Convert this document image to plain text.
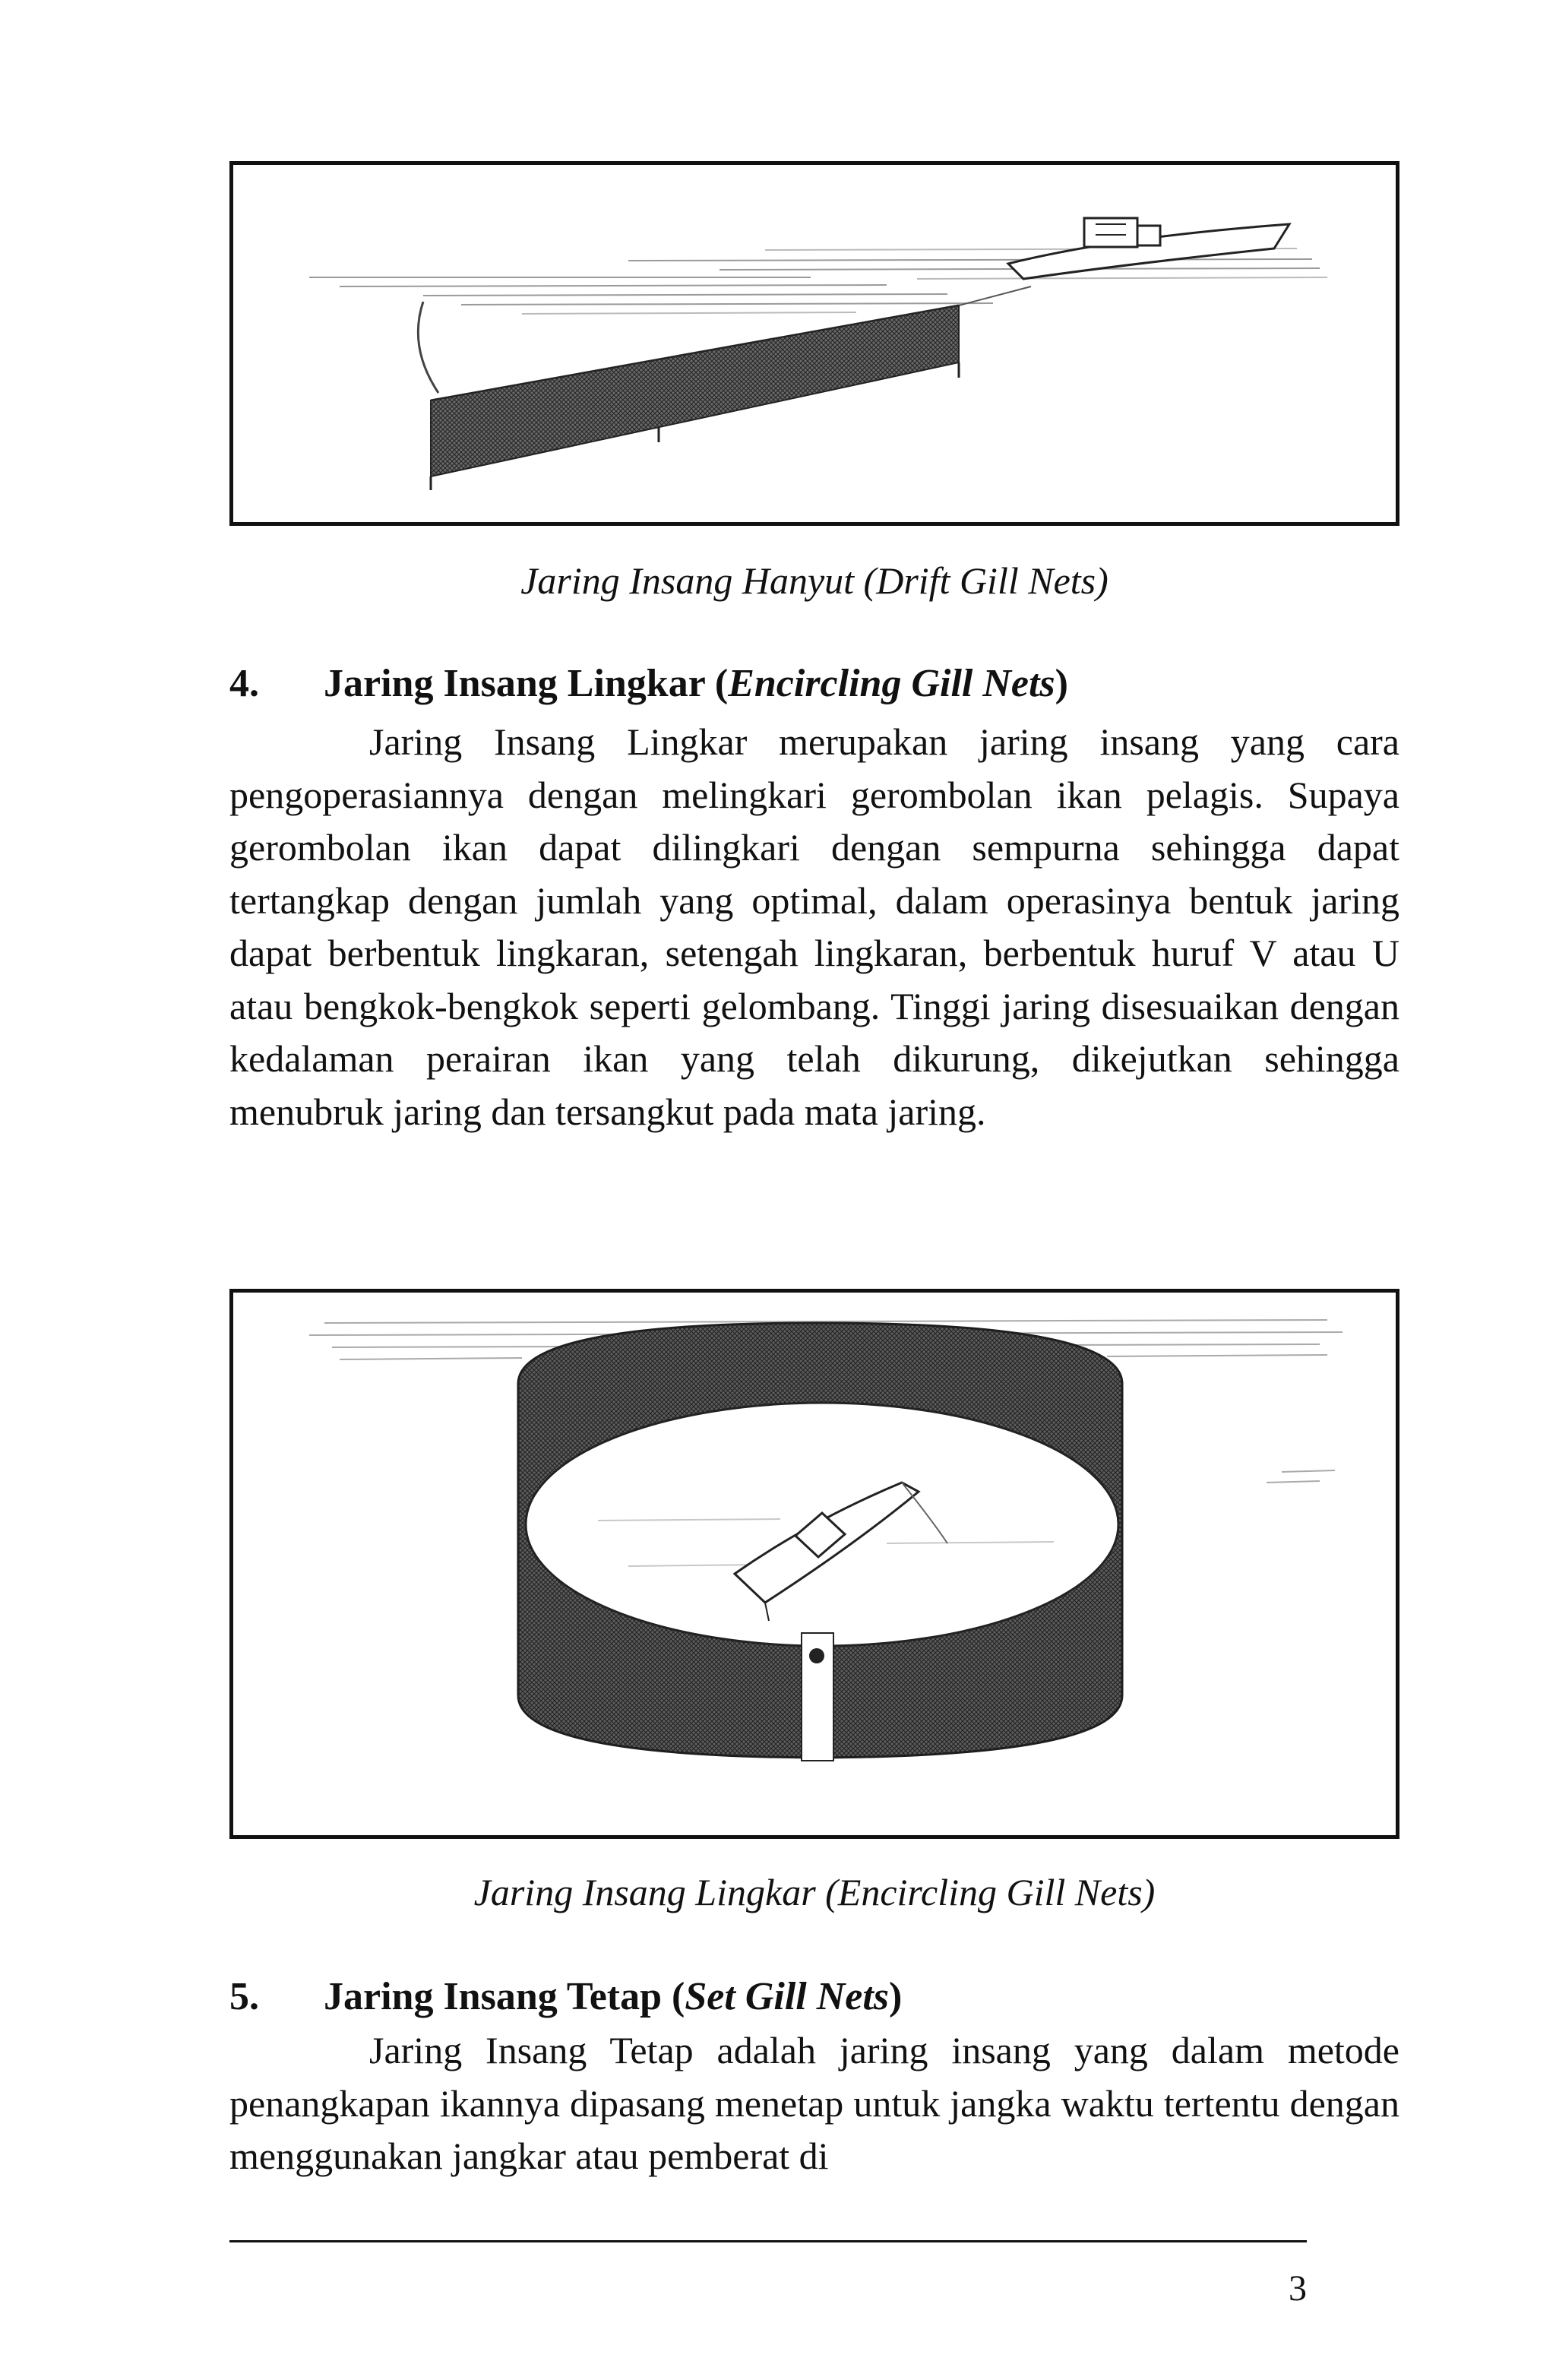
Jaring Insang Hanyut (Drift Gill Nets)
4. Jaring Insang Lingkar (Encircling Gill Nets)

Jaring Insang Lingkar merupakan jaring insang yang cara pengoperasiannya dengan melingkari gerombolan ikan pelagis. Supaya gerombolan ikan dapat dilingkari dengan sempurna sehingga dapat tertangkap dengan jumlah yang optimal, dalam operasinya bentuk jaring dapat berbentuk lingkaran, setengah lingkaran, berbentuk huruf V atau U atau bengkok-bengkok seperti gelombang. Tinggi jaring disesuaikan dengan kedalaman perairan ikan yang telah dikurung, dikejutkan sehingga menubruk jaring dan tersangkut pada mata jaring.

Jaring Insang Lingkar (Encircling Gill Nets)
5. Jaring Insang Tetap (Set Gill Nets)

Jaring Insang Tetap adalah jaring insang yang dalam metode penangkapan ikannya dipasang menetap untuk jangka waktu tertentu dengan menggunakan jangkar atau pemberat di

3
